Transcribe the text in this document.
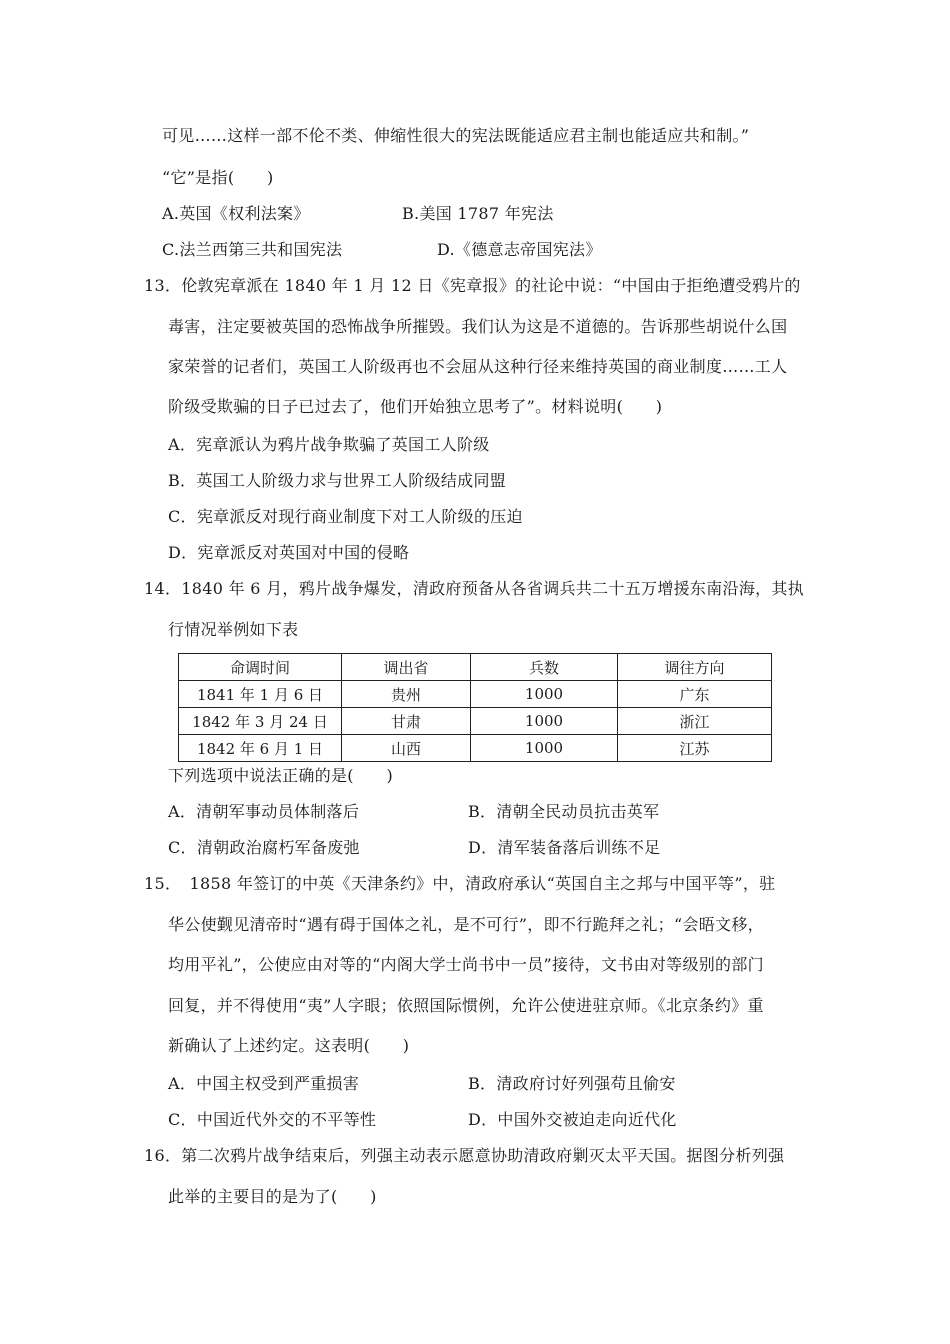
可见……这样一部不伦不类、伸缩性很大的宪法既能适应君主制也能适应共和制。”
“它”是指(　　)
A.英国《权利法案》	B.美国 1787 年宪法
C.法兰西第三共和国宪法	D.《德意志帝国宪法》
13．伦敦宪章派在 1840 年 1 月 12 日《宪章报》的社论中说：“中国由于拒绝遭受鸦片的
毒害，注定要被英国的恐怖战争所摧毁。我们认为这是不道德的。告诉那些胡说什么国
家荣誉的记者们，英国工人阶级再也不会屈从这种行径来维持英国的商业制度……工人
阶级受欺骗的日子已过去了，他们开始独立思考了”。材料说明(　　)
A．宪章派认为鸦片战争欺骗了英国工人阶级
B．英国工人阶级力求与世界工人阶级结成同盟
C．宪章派反对现行商业制度下对工人阶级的压迫
D．宪章派反对英国对中国的侵略
14．1840 年 6 月，鸦片战争爆发，清政府预备从各省调兵共二十五万增援东南沿海，其执
行情况举例如下表
命调时间	调出省	兵数	调往方向
1841 年 1 月 6 日	贵州	1000	广东
1842 年 3 月 24 日	甘肃	1000	浙江
1842 年 6 月 1 日	山西	1000	江苏
下列选项中说法正确的是(　　)
A．清朝军事动员体制落后	B．清朝全民动员抗击英军
C．清朝政治腐朽军备废弛	D．清军装备落后训练不足
15．　1858 年签订的中英《天津条约》中，清政府承认“英国自主之邦与中国平等”，驻
华公使觐见清帝时“遇有碍于国体之礼，是不可行”，即不行跪拜之礼；“会晤文移，
均用平礼”，公使应由对等的“内阁大学士尚书中一员”接待，文书由对等级别的部门
回复，并不得使用“夷”人字眼；依照国际惯例，允许公使进驻京师。《北京条约》重
新确认了上述约定。这表明(　　)
A．中国主权受到严重损害	B．清政府讨好列强苟且偷安
C．中国近代外交的不平等性	D．中国外交被迫走向近代化
16．第二次鸦片战争结束后，列强主动表示愿意协助清政府剿灭太平天国。据图分析列强
此举的主要目的是为了(　　)
